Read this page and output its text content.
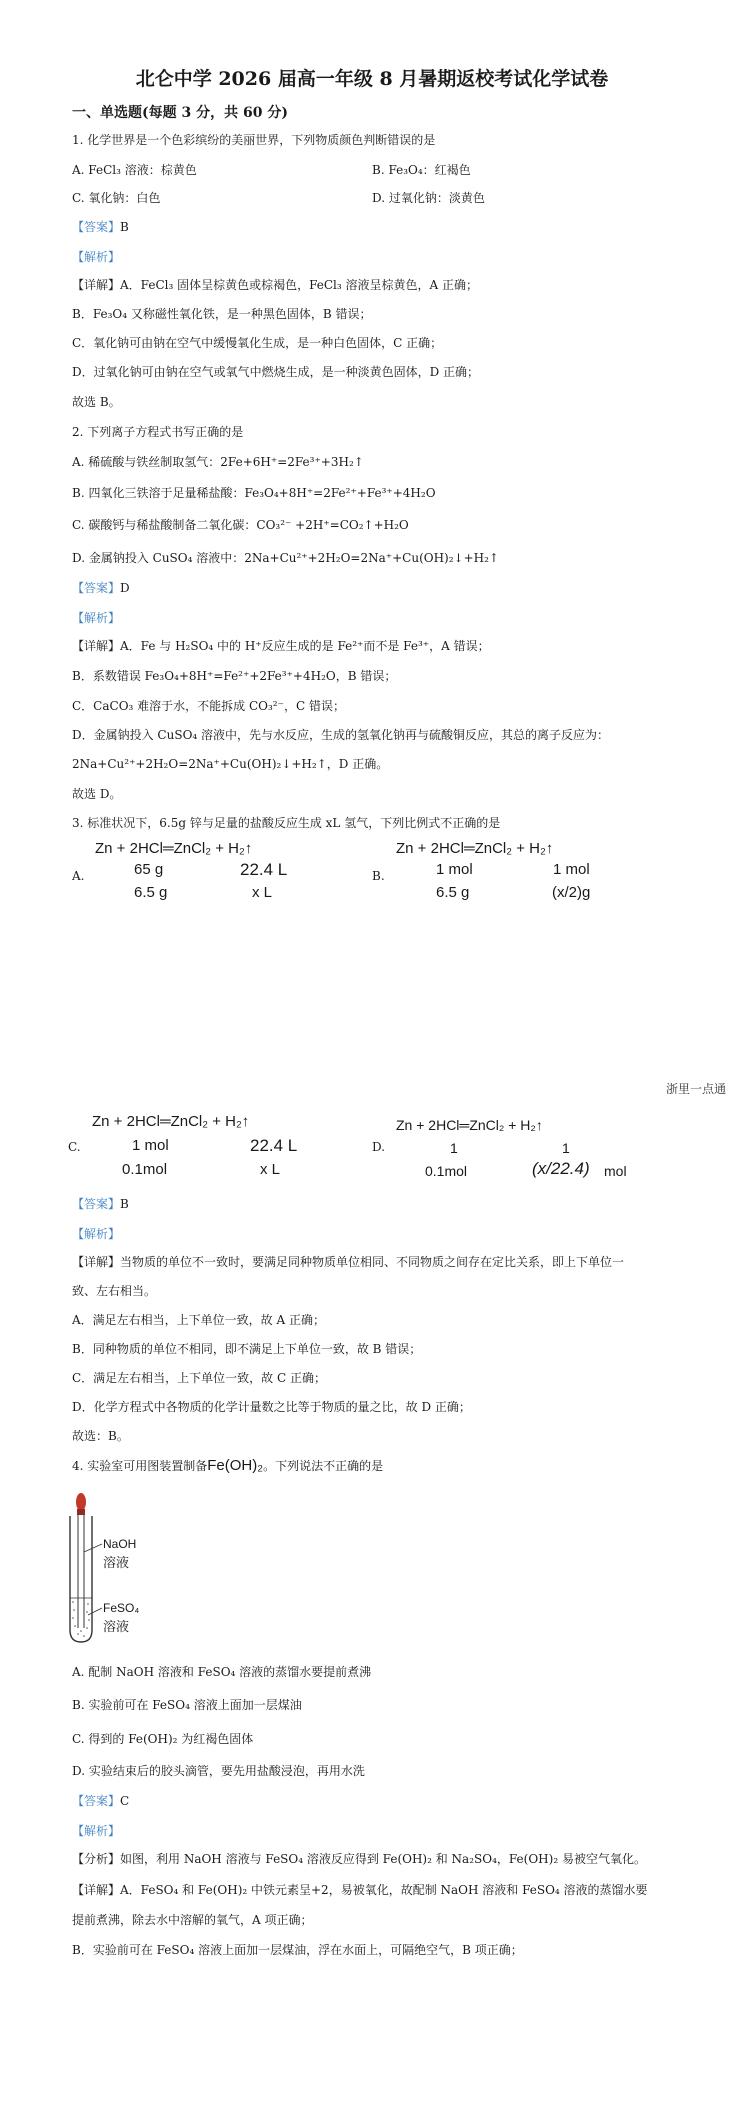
北仑中学 2026 届高一年级 8 月暑期返校考试化学试卷
一、单选题(每题 3 分，共 60 分)
1. 化学世界是一个色彩缤纷的美丽世界，下列物质颜色判断错误的是
A. FeCl₃ 溶液：棕黄色	B. Fe₃O₄：红褐色
C. 氧化钠：白色	D. 过氧化钠：淡黄色
【答案】B
【解析】
【详解】A．FeCl₃ 固体呈棕黄色或棕褐色，FeCl₃ 溶液呈棕黄色，A 正确；
B．Fe₃O₄ 又称磁性氧化铁，是一种黑色固体，B 错误；
C．氧化钠可由钠在空气中缓慢氧化生成，是一种白色固体，C 正确；
D．过氧化钠可由钠在空气或氧气中燃烧生成，是一种淡黄色固体，D 正确；
故选 B。
2. 下列离子方程式书写正确的是
A. 稀硫酸与铁丝制取氢气：2Fe+6H⁺=2Fe³⁺+3H₂↑
B. 四氧化三铁溶于足量稀盐酸：Fe₃O₄+8H⁺=2Fe²⁺+Fe³⁺+4H₂O
C. 碳酸钙与稀盐酸制备二氧化碳：CO₃²⁻ +2H⁺=CO₂↑+H₂O
D. 金属钠投入 CuSO₄ 溶液中：2Na+Cu²⁺+2H₂O=2Na⁺+Cu(OH)₂↓+H₂↑
【答案】D
【解析】
【详解】A．Fe 与 H₂SO₄ 中的 H⁺反应生成的是 Fe²⁺而不是 Fe³⁺，A 错误；
B．系数错误 Fe₃O₄+8H⁺=Fe²⁺+2Fe³⁺+4H₂O，B 错误；
C．CaCO₃ 难溶于水，不能拆成 CO₃²⁻，C 错误；
D．金属钠投入 CuSO₄ 溶液中，先与水反应，生成的氢氧化钠再与硫酸铜反应，其总的离子反应为：
2Na+Cu²⁺+2H₂O=2Na⁺+Cu(OH)₂↓+H₂↑，D 正确。
故选 D。
3. 标准状况下，6.5g 锌与足量的盐酸反应生成 xL 氢气，下列比例式不正确的是
A.
Zn + 2HCl═ZnCl₂ + H₂↑
65 g	22.4 L
6.5 g	x L
B.
Zn + 2HCl═ZnCl₂ + H₂↑
1 mol	1 mol
6.5 g	(x/2)g
浙里一点通
C.
Zn + 2HCl═ZnCl₂ + H₂↑
1 mol	22.4 L
0.1mol	x L
D.
Zn + 2HCl═ZnCl₂ + H₂↑
1	1
0.1mol	(x/22.4) mol
【答案】B
【解析】
【详解】当物质的单位不一致时，要满足同种物质单位相同、不同物质之间存在定比关系，即上下单位一
致、左右相当。
A．满足左右相当，上下单位一致，故 A 正确；
B．同种物质的单位不相同，即不满足上下单位一致，故 B 错误；
C．满足左右相当，上下单位一致，故 C 正确；
D．化学方程式中各物质的化学计量数之比等于物质的量之比，故 D 正确；
故选：B。
4. 实验室可用图装置制备Fe(OH)₂。下列说法不正确的是
NaOH
溶液
FeSO₄
溶液
A. 配制 NaOH 溶液和 FeSO₄ 溶液的蒸馏水要提前煮沸
B. 实验前可在 FeSO₄ 溶液上面加一层煤油
C. 得到的 Fe(OH)₂ 为红褐色固体
D. 实验结束后的胶头滴管，要先用盐酸浸泡，再用水洗
【答案】C
【解析】
【分析】如图，利用 NaOH 溶液与 FeSO₄ 溶液反应得到 Fe(OH)₂ 和 Na₂SO₄，Fe(OH)₂ 易被空气氧化。
【详解】A．FeSO₄ 和 Fe(OH)₂ 中铁元素呈+2，易被氧化，故配制 NaOH 溶液和 FeSO₄ 溶液的蒸馏水要
提前煮沸，除去水中溶解的氧气，A 项正确；
B．实验前可在 FeSO₄ 溶液上面加一层煤油，浮在水面上，可隔绝空气，B 项正确；
